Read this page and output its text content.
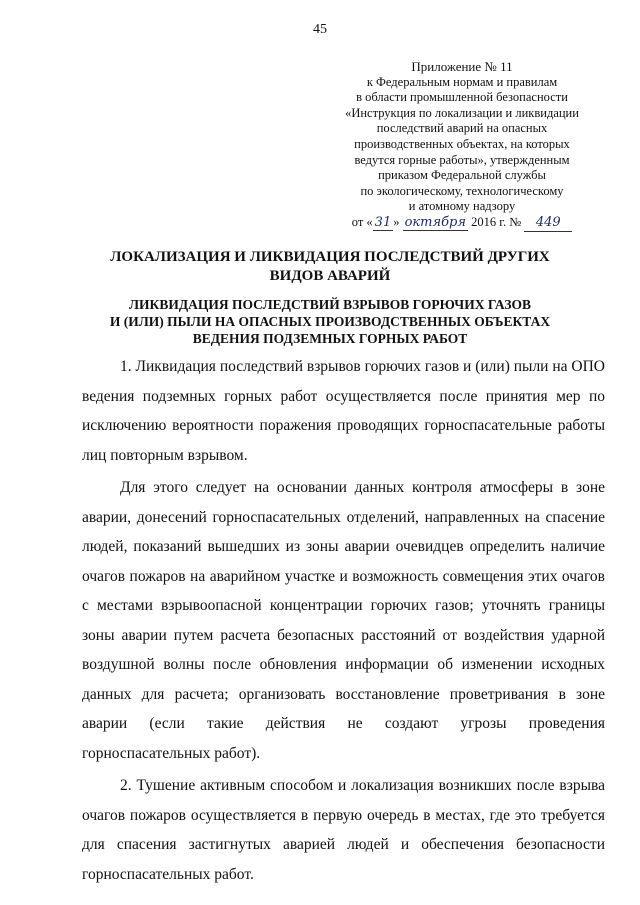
45
Приложение № 11
к Федеральным нормам и правилам
в области промышленной безопасности
«Инструкция по локализации и ликвидации
последствий аварий на опасных
производственных объектах, на которых
ведутся горные работы», утвержденным
приказом Федеральной службы
по экологическому, технологическому
и атомному надзору
от « 31 » октября 2016 г. № 449
ЛОКАЛИЗАЦИЯ И ЛИКВИДАЦИЯ ПОСЛЕДСТВИЙ ДРУГИХ
ВИДОВ АВАРИЙ
ЛИКВИДАЦИЯ ПОСЛЕДСТВИЙ ВЗРЫВОВ ГОРЮЧИХ ГАЗОВ
И (ИЛИ) ПЫЛИ НА ОПАСНЫХ ПРОИЗВОДСТВЕННЫХ ОБЪЕКТАХ
ВЕДЕНИЯ ПОДЗЕМНЫХ ГОРНЫХ РАБОТ

1. Ликвидация последствий взрывов горючих газов и (или) пыли на ОПО ведения подземных горных работ осуществляется после принятия мер по исключению вероятности поражения проводящих горноспасательные работы лиц повторным взрывом.

Для этого следует на основании данных контроля атмосферы в зоне аварии, донесений горноспасательных отделений, направленных на спасение людей, показаний вышедших из зоны аварии очевидцев определить наличие очагов пожаров на аварийном участке и возможность совмещения этих очагов с местами взрывоопасной концентрации горючих газов; уточнять границы зоны аварии путем расчета безопасных расстояний от воздействия ударной воздушной волны после обновления информации об изменении исходных данных для расчета; организовать восстановление проветривания в зоне аварии (если такие действия не создают угрозы проведения горноспасательных работ).

2. Тушение активным способом и локализация возникших после взрыва очагов пожаров осуществляется в первую очередь в местах, где это требуется для спасения застигнутых аварией людей и обеспечения безопасности горноспасательных работ.
